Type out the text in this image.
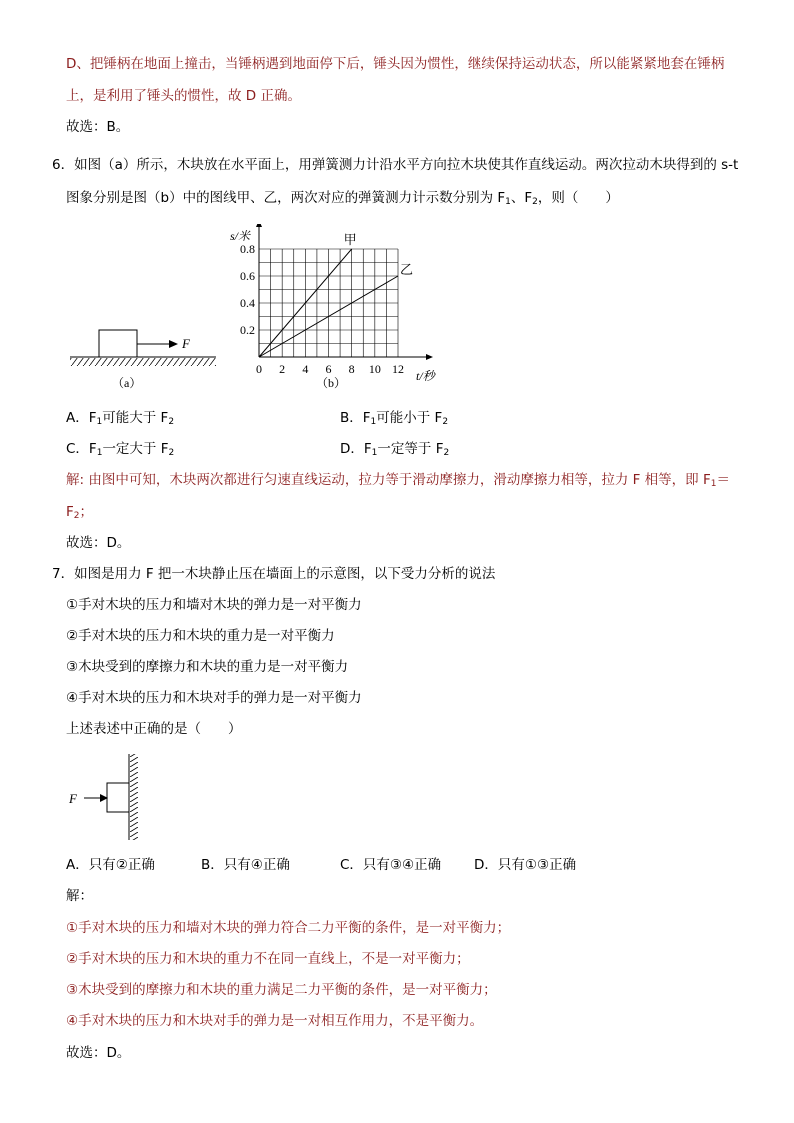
D、把锤柄在地面上撞击，当锤柄遇到地面停下后，锤头因为惯性，继续保持运动状态，所以能紧紧地套在锤柄
上，是利用了锤头的惯性，故 D 正确。
故选：B。
6．如图（a）所示，木块放在水平面上，用弹簧测力计沿水平方向拉木块使其作直线运动。两次拉动木块得到的 s-t
图象分别是图（b）中的图线甲、乙，两次对应的弹簧测力计示数分别为 $F_1$、$F_2$，则（　　）
F
（a）
0 2 4 6 8 10 12
0.2
0.4
0.6
0.8
甲
乙
s/米
t/秒
（b）
A．$F_1$可能大于 $F_2$	B．$F_1$可能小于 $F_2$
C．$F_1$一定大于 $F_2$	D．$F_1$一定等于 $F_2$
解: 由图中可知，木块两次都进行匀速直线运动，拉力等于滑动摩擦力，滑动摩擦力相等，拉力 F 相等，即 $F_1=$
$F_2$；
故选：D。
7．如图是用力 F 把一木块静止压在墙面上的示意图，以下受力分析的说法
①手对木块的压力和墙对木块的弹力是一对平衡力
②手对木块的压力和木块的重力是一对平衡力
③木块受到的摩擦力和木块的重力是一对平衡力
④手对木块的压力和木块对手的弹力是一对平衡力
上述表述中正确的是（　　）
F
A．只有②正确	B．只有④正确	C．只有③④正确 D．只有①③正确
解：
①手对木块的压力和墙对木块的弹力符合二力平衡的条件，是一对平衡力；
②手对木块的压力和木块的重力不在同一直线上，不是一对平衡力；
③木块受到的摩擦力和木块的重力满足二力平衡的条件，是一对平衡力；
④手对木块的压力和木块对手的弹力是一对相互作用力，不是平衡力。
故选：D。
